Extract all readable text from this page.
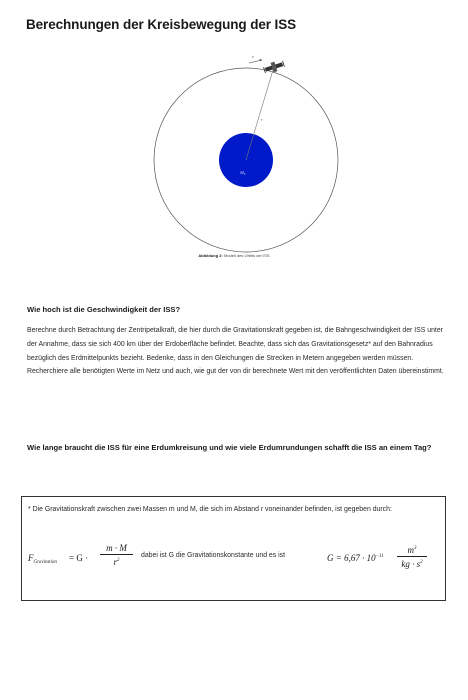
Berechnungen der Kreisbewegung der ISS
r
$M_E$
v
Abbildung 2: Modell des Orbits der ISS

Wie hoch ist die Geschwindigkeit der ISS?

Berechne durch Betrachtung der Zentripetalkraft, die hier durch die Gravitationskraft gegeben ist, die Bahngeschwindigkeit der ISS unter der Annahme, dass sie sich 400 km über der Erdoberfläche befindet. Beachte, dass sich das Gravitationsgesetz* auf den Bahnradius bezüglich des Erdmittelpunkts bezieht. Bedenke, dass in den Gleichungen die Strecken in Metern angegeben werden müssen. Recherchiere alle benötigten Werte im Netz und auch, wie gut der von dir berechnete Wert mit den veröffentlichten Daten übereinstimmt.

Wie lange braucht die ISS für eine Erdumkreisung und wie viele Erdumrundungen schafft die ISS an einem Tag?

* Die Gravitationskraft zwischen zwei Massen m und M, die sich im Abstand r voneinander befinden, ist gegeben durch:

$F_{Gravitation} = G \cdot \frac{m \cdot M}{r^2}$ dabei ist G die Gravitationskonstante und es ist	$G = 6,67 \cdot 10^{-11} \frac{m^3}{kg \cdot s^2}$
